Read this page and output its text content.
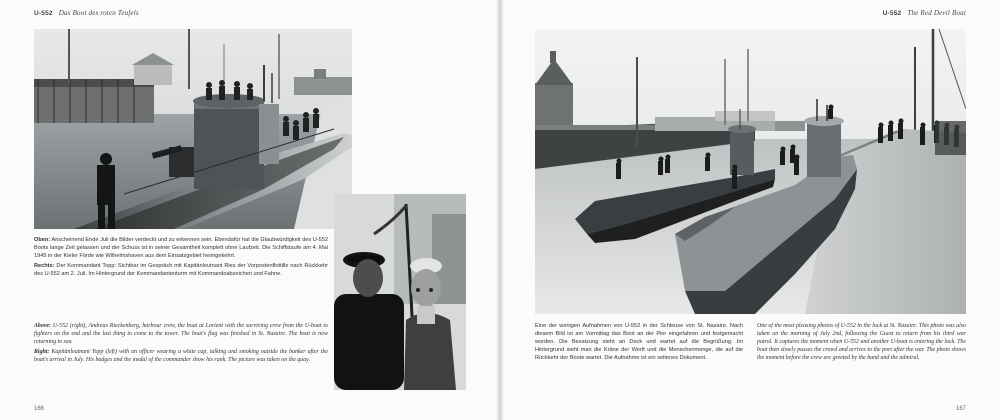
U-552 Das Boot des roten Teufels

Oben: Anscheinend Ende Juli die Bilder verdeckt und zu erkennen sein. Ebendafür hat die Glaubwürdigkeit des U-552 Boots lange Zeit gelassen und der Schuss ist in seiner Gesamtheit komplett ohne Laufzeit. Die Schiffstaufe am 4. Mai 1945 in der Kieler Förde wie Wilhelmshaven aus dem Einsatzgebiet heimgekehrt.

Rechts: Der Kommandant Topp: Sichtbar im Gespräch mit Kapitänleutnant Ries der Vorpostenflottille nach Rückkehr des U-552 am 2. Juli. Im Hintergrund der Kommandantenturm mit Kommandoabzeichen und Fahne.

Above: U-552 (right), Andreas Rieckenberg, harbour crew, the boat at Lorient with the surviving crew from the U-boat to fighters on the end and the last thing to come to the tower. The boat's flag was finished in St. Nazaire. The boat is now returning to sea.

Right: Kapitänleutnant Topp (left) with an officer wearing a white cap, talking and smoking outside the bunker after the boat's arrival in July. His badges and the medal of the commander show his rank. The picture was taken on the quay.

166
U-552 The Red Devil Boat
Eine der wenigen Aufnahmen von U-552 in der Schleuse von St. Nazaire. Nach diesem Bild ist am Vormittag das Boot an der Pier eingefahren und festgemacht worden. Die Besatzung steht an Deck und wartet auf die Begrüßung. Im Hintergrund sieht man die Kräne der Werft und die Menschenmenge, die auf die Rückkehr der Boote wartet. Die Aufnahme ist ein seltenes Dokument.
One of the most pleasing photos of U-552 in the lock at St. Nazaire. This photo was also taken on the morning of July 2nd, following the Guest to return from his third war patrol. It captures the moment when U-552 and another U-boat is entering the lock. The boat then slowly passes the crowd and arrives to the port after the war. The photo shows the moment before the crew are greeted by the band and the admiral.
167
